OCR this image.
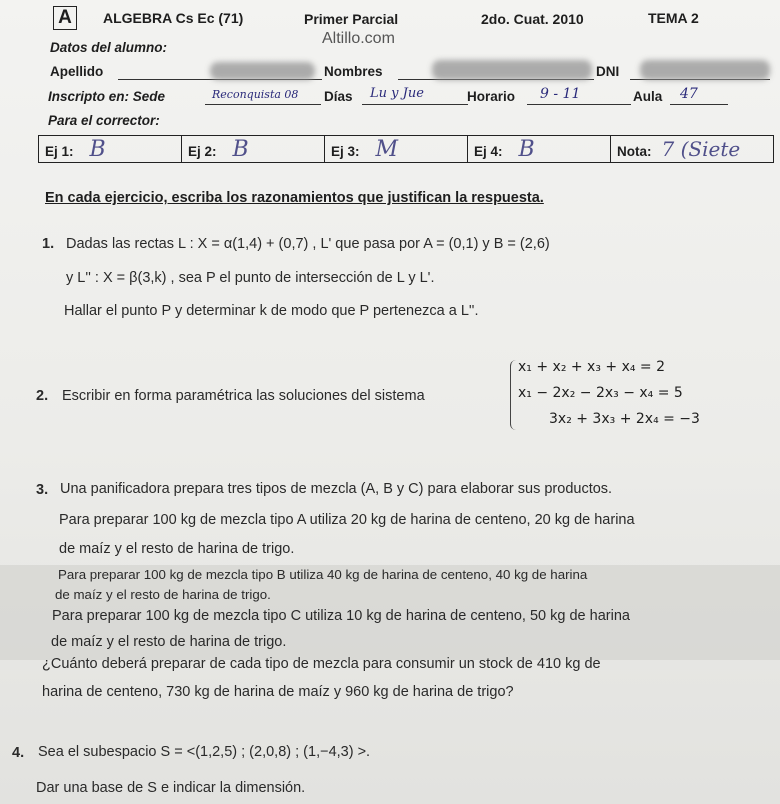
A	ALGEBRA Cs Ec (71)	Primer Parcial	2do. Cuat. 2010	TEMA 2
Altillo.com
Datos del alumno:
Apellido	Nombres	DNI
Inscripto en: Sede	Reconquista 08 Días Lu y Jue	Horario 9 - 11	Aula 47
Para el corrector:
Ej 1: B	Ej 2: B	Ej 3: M	Ej 4: B	Nota: 7 (Siete
En cada ejercicio, escriba los razonamientos que justifican la respuesta.
1. Dadas las rectas L : X = α(1,4) + (0,7) , L' que pasa por A = (0,1) y B = (2,6)
y L'' : X = β(3,k) , sea P el punto de intersección de L y L'.
Hallar el punto P y determinar k de modo que P pertenezca a L''.
2. Escribir en forma paramétrica las soluciones del sistema
x₁ + x₂ + x₃ + x₄ = 2
x₁ − 2x₂ − 2x₃ − x₄ = 5
3x₂ + 3x₃ + 2x₄ = −3
3. Una panificadora prepara tres tipos de mezcla (A, B y C) para elaborar sus productos.
Para preparar 100 kg de mezcla tipo A utiliza 20 kg de harina de centeno, 20 kg de harina
de maíz y el resto de harina de trigo.
Para preparar 100 kg de mezcla tipo B utiliza 40 kg de harina de centeno, 40 kg de harina
de maíz y el resto de harina de trigo.
Para preparar 100 kg de mezcla tipo C utiliza 10 kg de harina de centeno, 50 kg de harina
de maíz y el resto de harina de trigo.
¿Cuánto deberá preparar de cada tipo de mezcla para consumir un stock de 410 kg de
harina de centeno, 730 kg de harina de maíz y 960 kg de harina de trigo?
4. Sea el subespacio S = <(1,2,5) ; (2,0,8) ; (1,−4,3) >.
Dar una base de S e indicar la dimensión.
